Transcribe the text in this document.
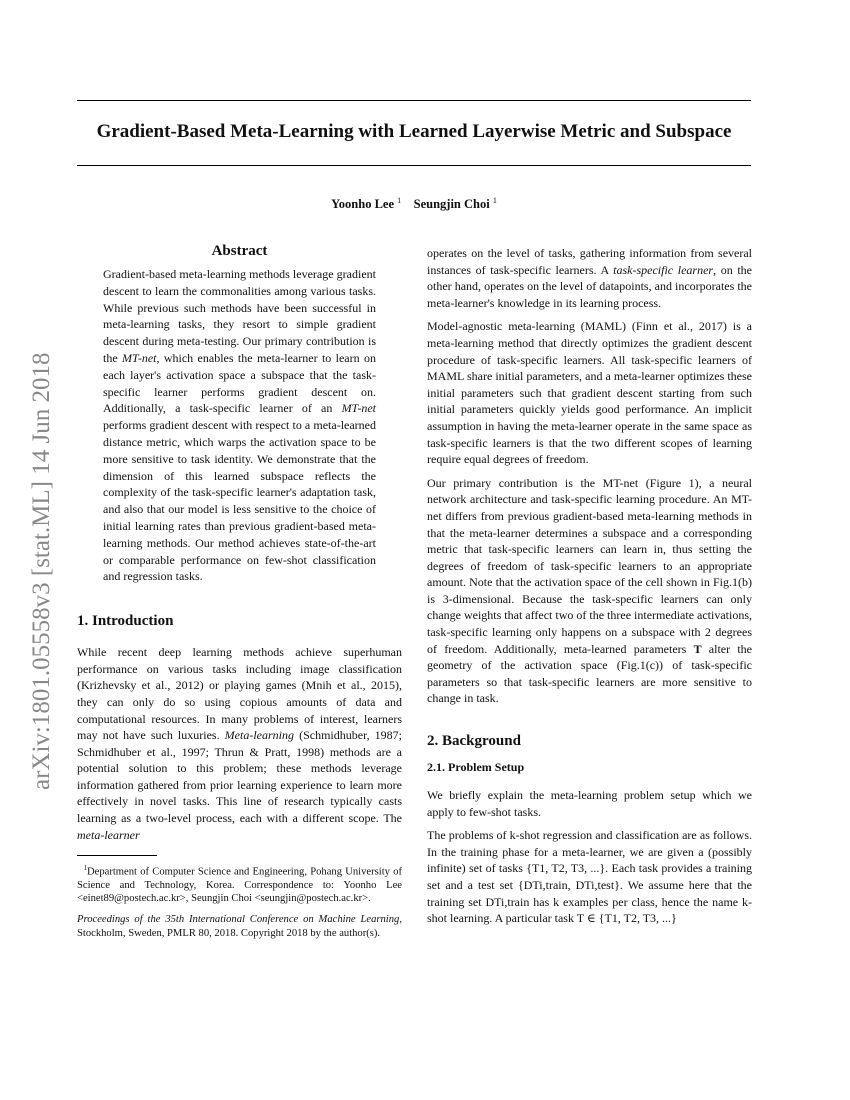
Gradient-Based Meta-Learning with Learned Layerwise Metric and Subspace
Yoonho Lee $^1$ Seungjin Choi $^1$
arXiv:1801.05558v3 [stat.ML] 14 Jun 2018
Abstract
Gradient-based meta-learning methods leverage gradient descent to learn the commonalities among various tasks. While previous such methods have been successful in meta-learning tasks, they resort to simple gradient descent during meta-testing. Our primary contribution is the MT-net, which enables the meta-learner to learn on each layer's activation space a subspace that the task-specific learner performs gradient descent on. Additionally, a task-specific learner of an MT-net performs gradient descent with respect to a meta-learned distance metric, which warps the activation space to be more sensitive to task identity. We demonstrate that the dimension of this learned subspace reflects the complexity of the task-specific learner's adaptation task, and also that our model is less sensitive to the choice of initial learning rates than previous gradient-based meta-learning methods. Our method achieves state-of-the-art or comparable performance on few-shot classification and regression tasks.
1. Introduction

While recent deep learning methods achieve superhuman performance on various tasks including image classification (Krizhevsky et al., 2012) or playing games (Mnih et al., 2015), they can only do so using copious amounts of data and computational resources. In many problems of interest, learners may not have such luxuries. Meta-learning (Schmidhuber, 1987; Schmidhuber et al., 1997; Thrun & Pratt, 1998) methods are a potential solution to this problem; these methods leverage information gathered from prior learning experience to learn more effectively in novel tasks. This line of research typically casts learning as a two-level process, each with a different scope. The meta-learner

$^1$Department of Computer Science and Engineering, Pohang University of Science and Technology, Korea. Correspondence to: Yoonho Lee <einet89@postech.ac.kr>, Seungjin Choi <seungjin@postech.ac.kr>.
Proceedings of the 35th International Conference on Machine Learning, Stockholm, Sweden, PMLR 80, 2018. Copyright 2018 by the author(s).

operates on the level of tasks, gathering information from several instances of task-specific learners. A task-specific learner, on the other hand, operates on the level of datapoints, and incorporates the meta-learner's knowledge in its learning process.

Model-agnostic meta-learning (MAML) (Finn et al., 2017) is a meta-learning method that directly optimizes the gradient descent procedure of task-specific learners. All task-specific learners of MAML share initial parameters, and a meta-learner optimizes these initial parameters such that gradient descent starting from such initial parameters quickly yields good performance. An implicit assumption in having the meta-learner operate in the same space as task-specific learners is that the two different scopes of learning require equal degrees of freedom.

Our primary contribution is the MT-net (Figure 1), a neural network architecture and task-specific learning procedure. An MT-net differs from previous gradient-based meta-learning methods in that the meta-learner determines a subspace and a corresponding metric that task-specific learners can learn in, thus setting the degrees of freedom of task-specific learners to an appropriate amount. Note that the activation space of the cell shown in Fig.1(b) is 3-dimensional. Because the task-specific learners can only change weights that affect two of the three intermediate activations, task-specific learning only happens on a subspace with 2 degrees of freedom. Additionally, meta-learned parameters T alter the geometry of the activation space (Fig.1(c)) of task-specific parameters so that task-specific learners are more sensitive to change in task.

2. Background
2.1. Problem Setup

We briefly explain the meta-learning problem setup which we apply to few-shot tasks.

The problems of k-shot regression and classification are as follows. In the training phase for a meta-learner, we are given a (possibly infinite) set of tasks {T1, T2, T3, ...}. Each task provides a training set and a test set {DTi,train, DTi,test}. We assume here that the training set DTi,train has k examples per class, hence the name k-shot learning. A particular task T ∈ {T1, T2, T3, ...}
